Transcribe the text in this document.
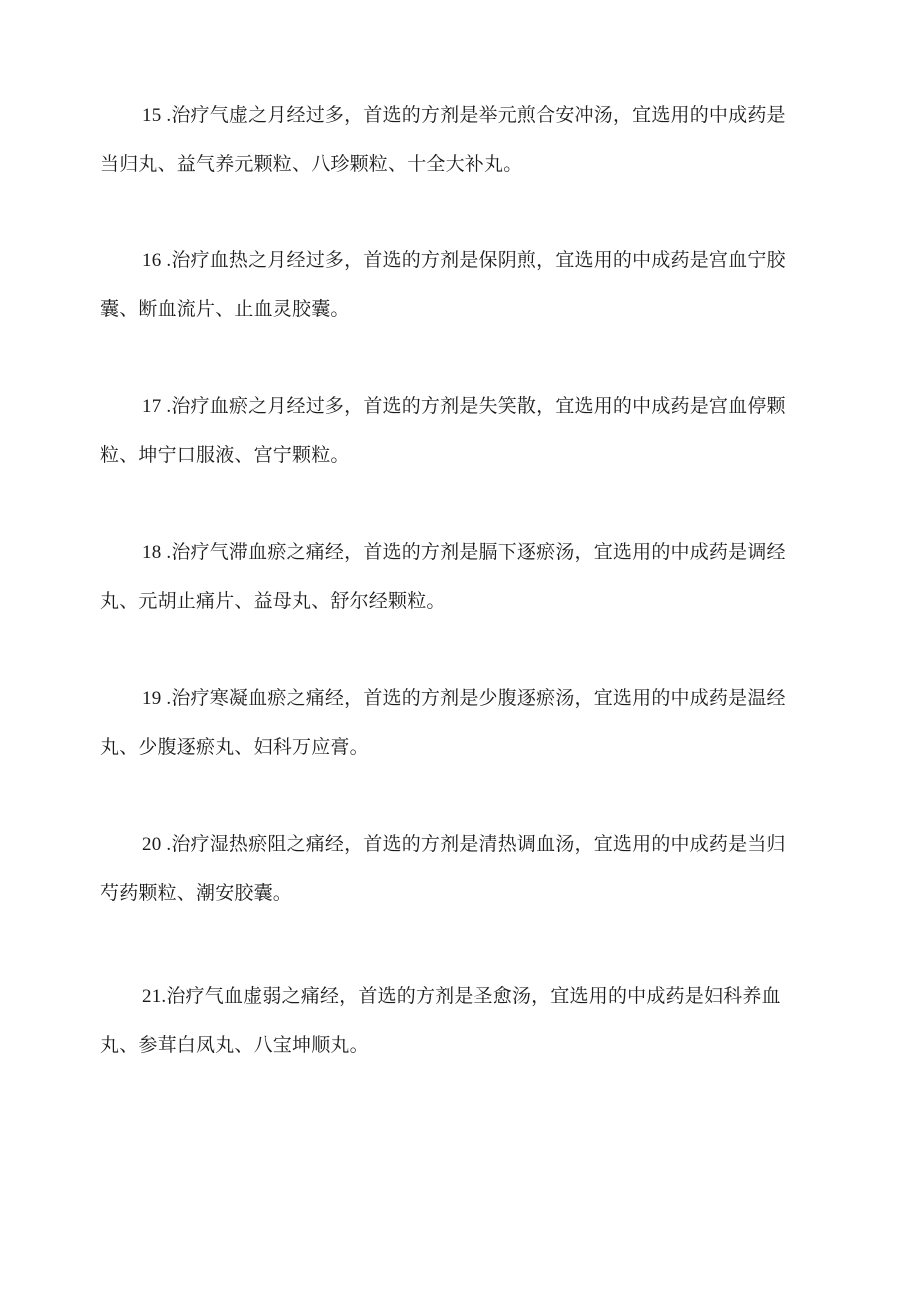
15 .治疗气虚之月经过多，首选的方剂是举元煎合安冲汤，宜选用的中成药是
当归丸、益气养元颗粒、八珍颗粒、十全大补丸。
16 .治疗血热之月经过多，首选的方剂是保阴煎，宜选用的中成药是宫血宁胶
囊、断血流片、止血灵胶囊。
17 .治疗血瘀之月经过多，首选的方剂是失笑散，宜选用的中成药是宫血停颗
粒、坤宁口服液、宫宁颗粒。
18 .治疗气滞血瘀之痛经，首选的方剂是膈下逐瘀汤，宜选用的中成药是调经
丸、元胡止痛片、益母丸、舒尔经颗粒。
19 .治疗寒凝血瘀之痛经，首选的方剂是少腹逐瘀汤，宜选用的中成药是温经
丸、少腹逐瘀丸、妇科万应膏。
20 .治疗湿热瘀阻之痛经，首选的方剂是清热调血汤，宜选用的中成药是当归
芍药颗粒、潮安胶囊。
21.治疗气血虚弱之痛经，首选的方剂是圣愈汤，宜选用的中成药是妇科养血
丸、参茸白凤丸、八宝坤顺丸。
